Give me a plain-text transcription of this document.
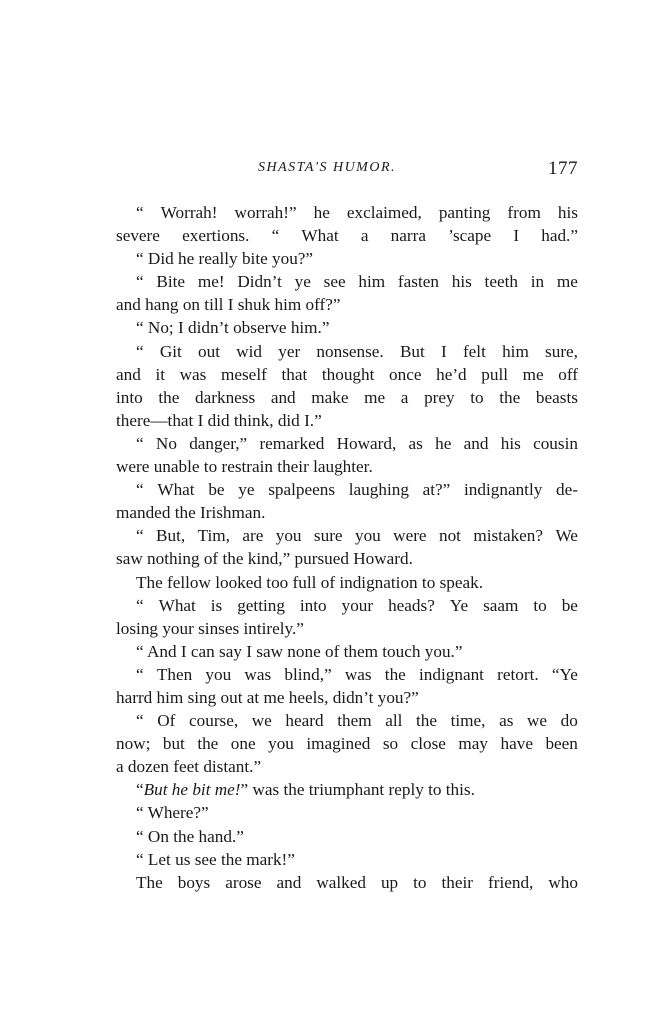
SHASTA'S HUMOR.	177
“ Worrah! worrah!” he exclaimed, panting from his
severe exertions. “ What a narra ’scape I had.”
“ Did he really bite you?”
“ Bite me! Didn’t ye see him fasten his teeth in me
and hang on till I shuk him off?”
“ No; I didn’t observe him.”
“ Git out wid yer nonsense. But I felt him sure,
and it was meself that thought once he’d pull me off
into the darkness and make me a prey to the beasts
there—that I did think, did I.”
“ No danger,” remarked Howard, as he and his cousin
were unable to restrain their laughter.
“ What be ye spalpeens laughing at?” indignantly de-
manded the Irishman.
“ But, Tim, are you sure you were not mistaken? We
saw nothing of the kind,” pursued Howard.
The fellow looked too full of indignation to speak.
“ What is getting into your heads? Ye saam to be
losing your sinses intirely.”
“ And I can say I saw none of them touch you.”
“ Then you was blind,” was the indignant retort. “Ye
harrd him sing out at me heels, didn’t you?”
“ Of course, we heard them all the time, as we do
now; but the one you imagined so close may have been
a dozen feet distant.”
“ But he bit me! ” was the triumphant reply to this.
“ Where?”
“ On the hand.”
“ Let us see the mark!”
The boys arose and walked up to their friend, who
